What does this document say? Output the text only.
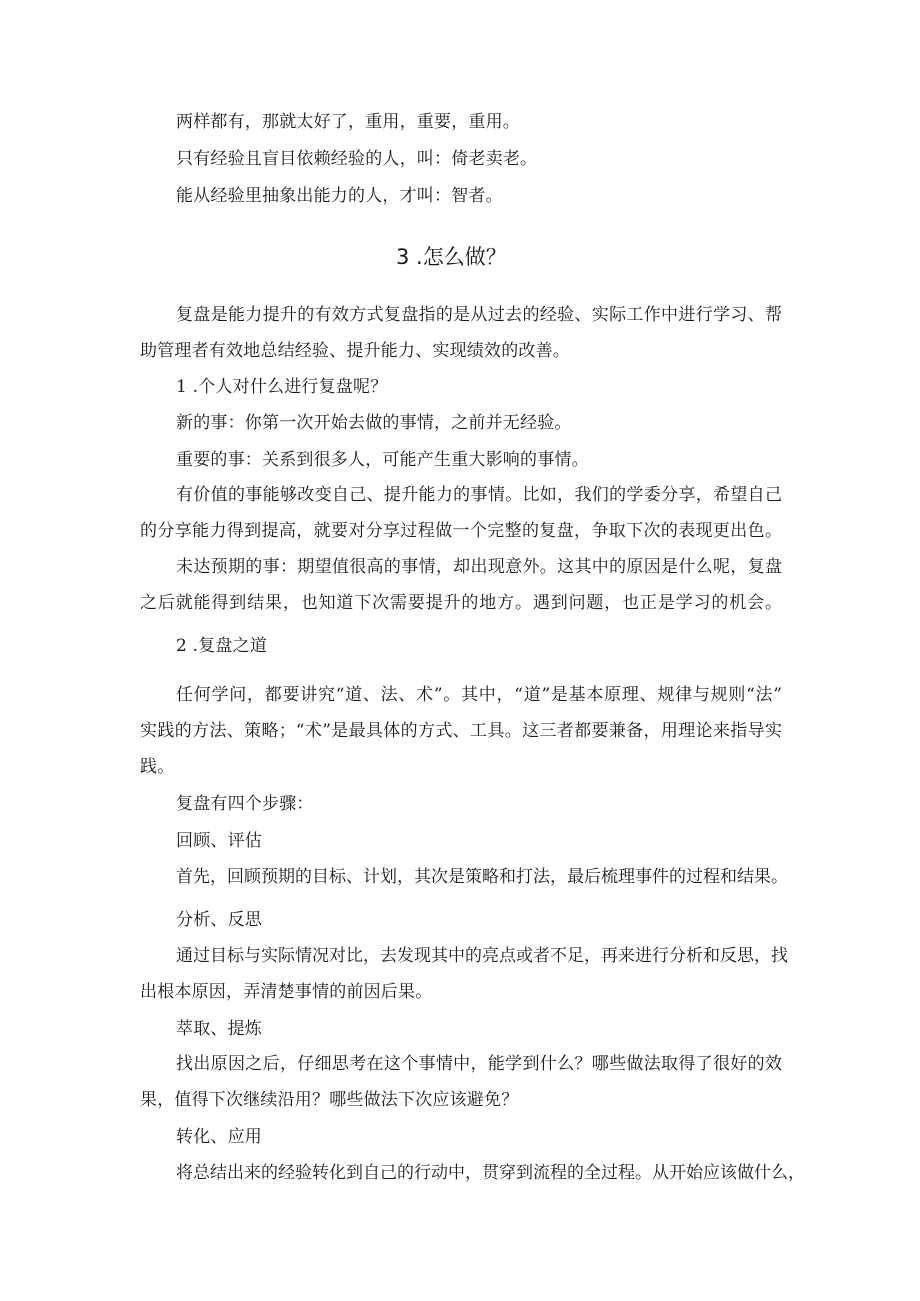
两样都有，那就太好了，重用，重要，重用。
只有经验且盲目依赖经验的人，叫：倚老卖老。
能从经验里抽象出能力的人，才叫：智者。
3 .怎么做？
复盘是能力提升的有效方式复盘指的是从过去的经验、实际工作中进行学习、帮
助管理者有效地总结经验、提升能力、实现绩效的改善。
1 .个人对什么进行复盘呢？
新的事：你第一次开始去做的事情，之前并无经验。
重要的事：关系到很多人，可能产生重大影响的事情。
有价值的事能够改变自己、提升能力的事情。比如，我们的学委分享，希望自己
的分享能力得到提高，就要对分享过程做一个完整的复盘，争取下次的表现更出色。
未达预期的事：期望值很高的事情，却出现意外。这其中的原因是什么呢，复盘
之后就能得到结果，也知道下次需要提升的地方。遇到问题，也正是学习的机会。
2 .复盘之道
任何学问，都要讲究“道、法、术”。其中，“道”是基本原理、规律与规则“法”
实践的方法、策略；“术”是最具体的方式、工具。这三者都要兼备，用理论来指导实
践。
复盘有四个步骤：
回顾、评估
首先，回顾预期的目标、计划，其次是策略和打法，最后梳理事件的过程和结果。
分析、反思
通过目标与实际情况对比，去发现其中的亮点或者不足，再来进行分析和反思，找
出根本原因，弄清楚事情的前因后果。
萃取、提炼
找出原因之后，仔细思考在这个事情中，能学到什么？哪些做法取得了很好的效
果，值得下次继续沿用？哪些做法下次应该避免？
转化、应用
将总结出来的经验转化到自己的行动中，贯穿到流程的全过程。从开始应该做什么，
